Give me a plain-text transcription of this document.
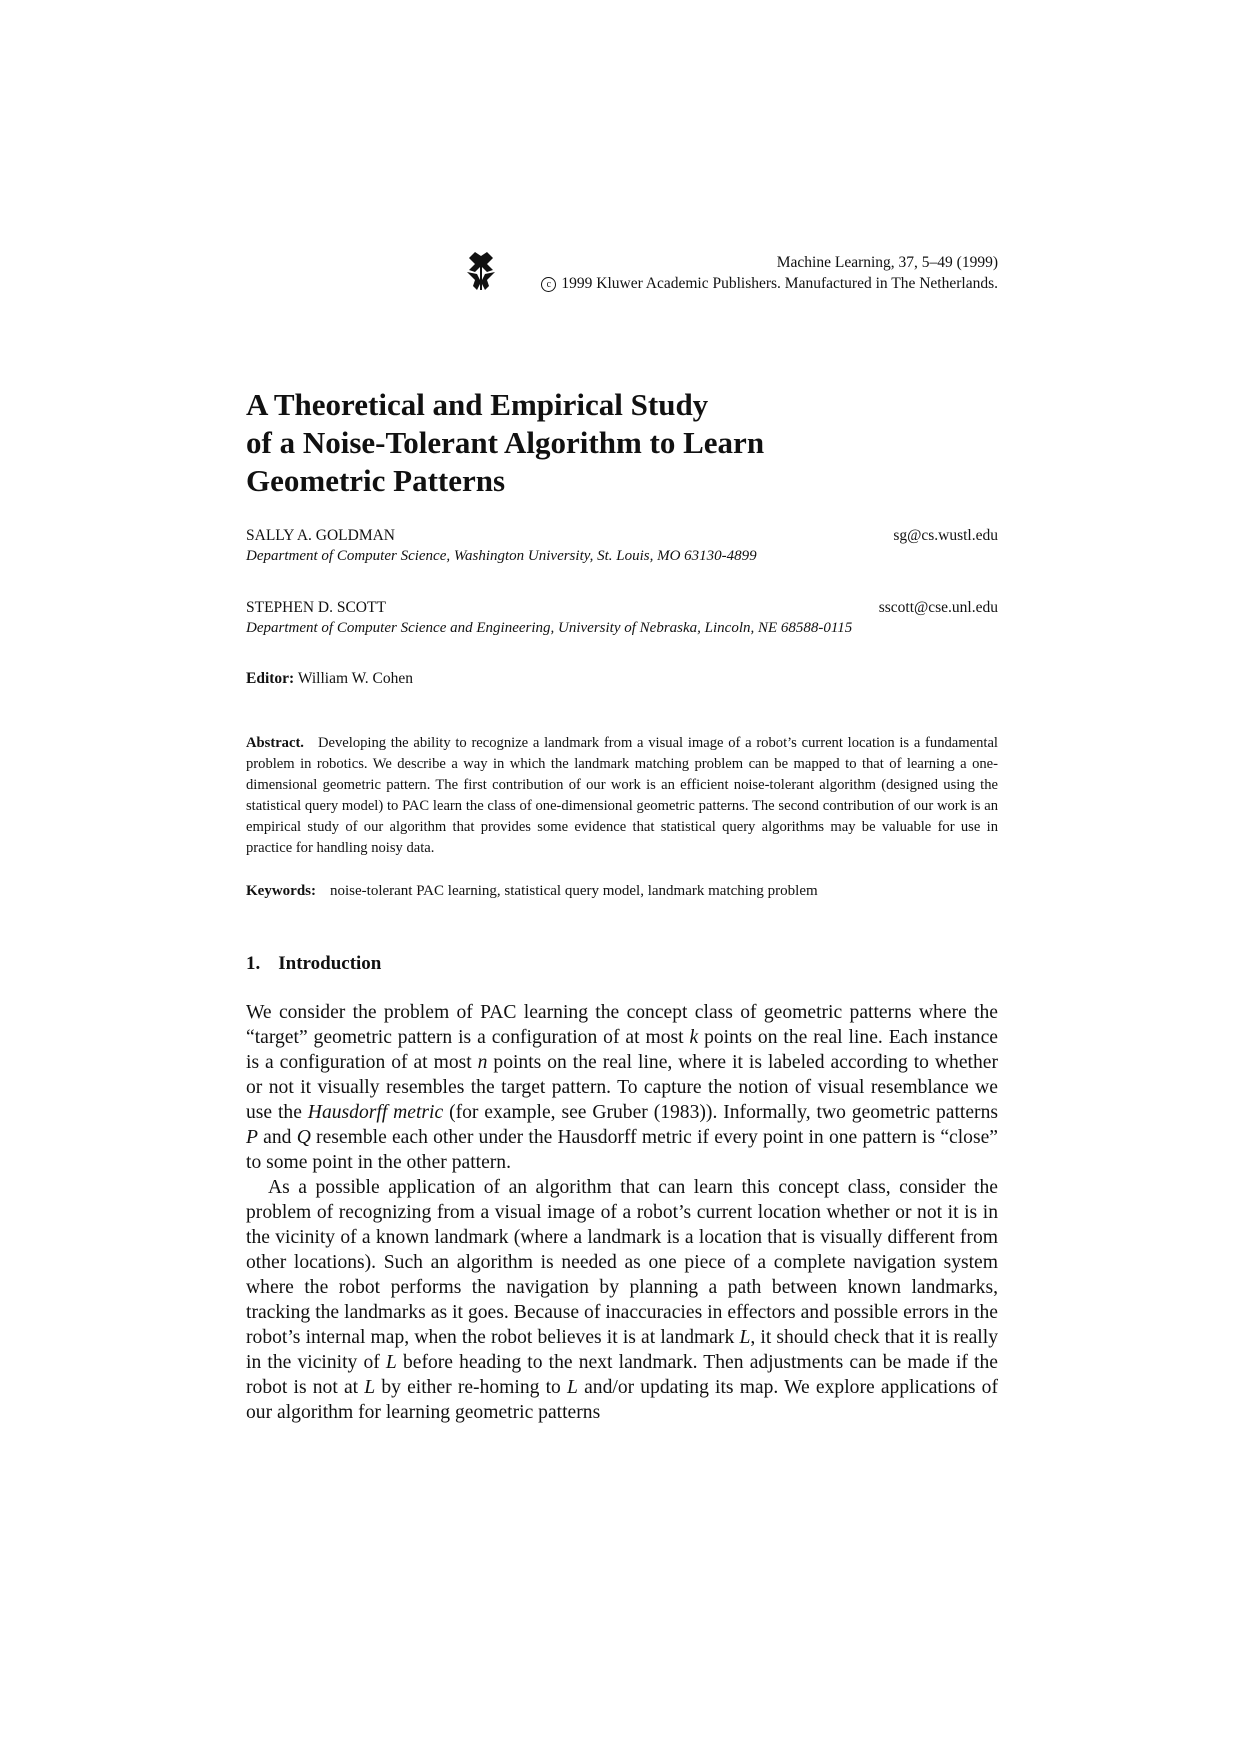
Machine Learning, 37, 5–49 (1999)
c 1999 Kluwer Academic Publishers. Manufactured in The Netherlands.
A Theoretical and Empirical Study
of a Noise-Tolerant Algorithm to Learn
Geometric Patterns
SALLY A. GOLDMAN	sg@cs.wustl.edu
Department of Computer Science, Washington University, St. Louis, MO 63130-4899
STEPHEN D. SCOTT	sscott@cse.unl.edu
Department of Computer Science and Engineering, University of Nebraska, Lincoln, NE 68588-0115
Editor: William W. Cohen

Abstract. Developing the ability to recognize a landmark from a visual image of a robot’s current location is a fundamental problem in robotics. We describe a way in which the landmark matching problem can be mapped to that of learning a one-dimensional geometric pattern. The first contribution of our work is an efficient noise-tolerant algorithm (designed using the statistical query model) to PAC learn the class of one-dimensional geometric patterns. The second contribution of our work is an empirical study of our algorithm that provides some evidence that statistical query algorithms may be valuable for use in practice for handling noisy data.

Keywords: noise-tolerant PAC learning, statistical query model, landmark matching problem
1. Introduction

We consider the problem of PAC learning the concept class of geometric patterns where the “target” geometric pattern is a configuration of at most k points on the real line. Each instance is a configuration of at most n points on the real line, where it is labeled according to whether or not it visually resembles the target pattern. To capture the notion of visual resemblance we use the Hausdorff metric (for example, see Gruber (1983)). Informally, two geometric patterns P and Q resemble each other under the Hausdorff metric if every point in one pattern is “close” to some point in the other pattern.

As a possible application of an algorithm that can learn this concept class, consider the problem of recognizing from a visual image of a robot’s current location whether or not it is in the vicinity of a known landmark (where a landmark is a location that is visually different from other locations). Such an algorithm is needed as one piece of a complete navigation system where the robot performs the navigation by planning a path between known landmarks, tracking the landmarks as it goes. Because of inaccuracies in effectors and possible errors in the robot’s internal map, when the robot believes it is at landmark L, it should check that it is really in the vicinity of L before heading to the next landmark. Then adjustments can be made if the robot is not at L by either re-homing to L and/or updating its map. We explore applications of our algorithm for learning geometric patterns
